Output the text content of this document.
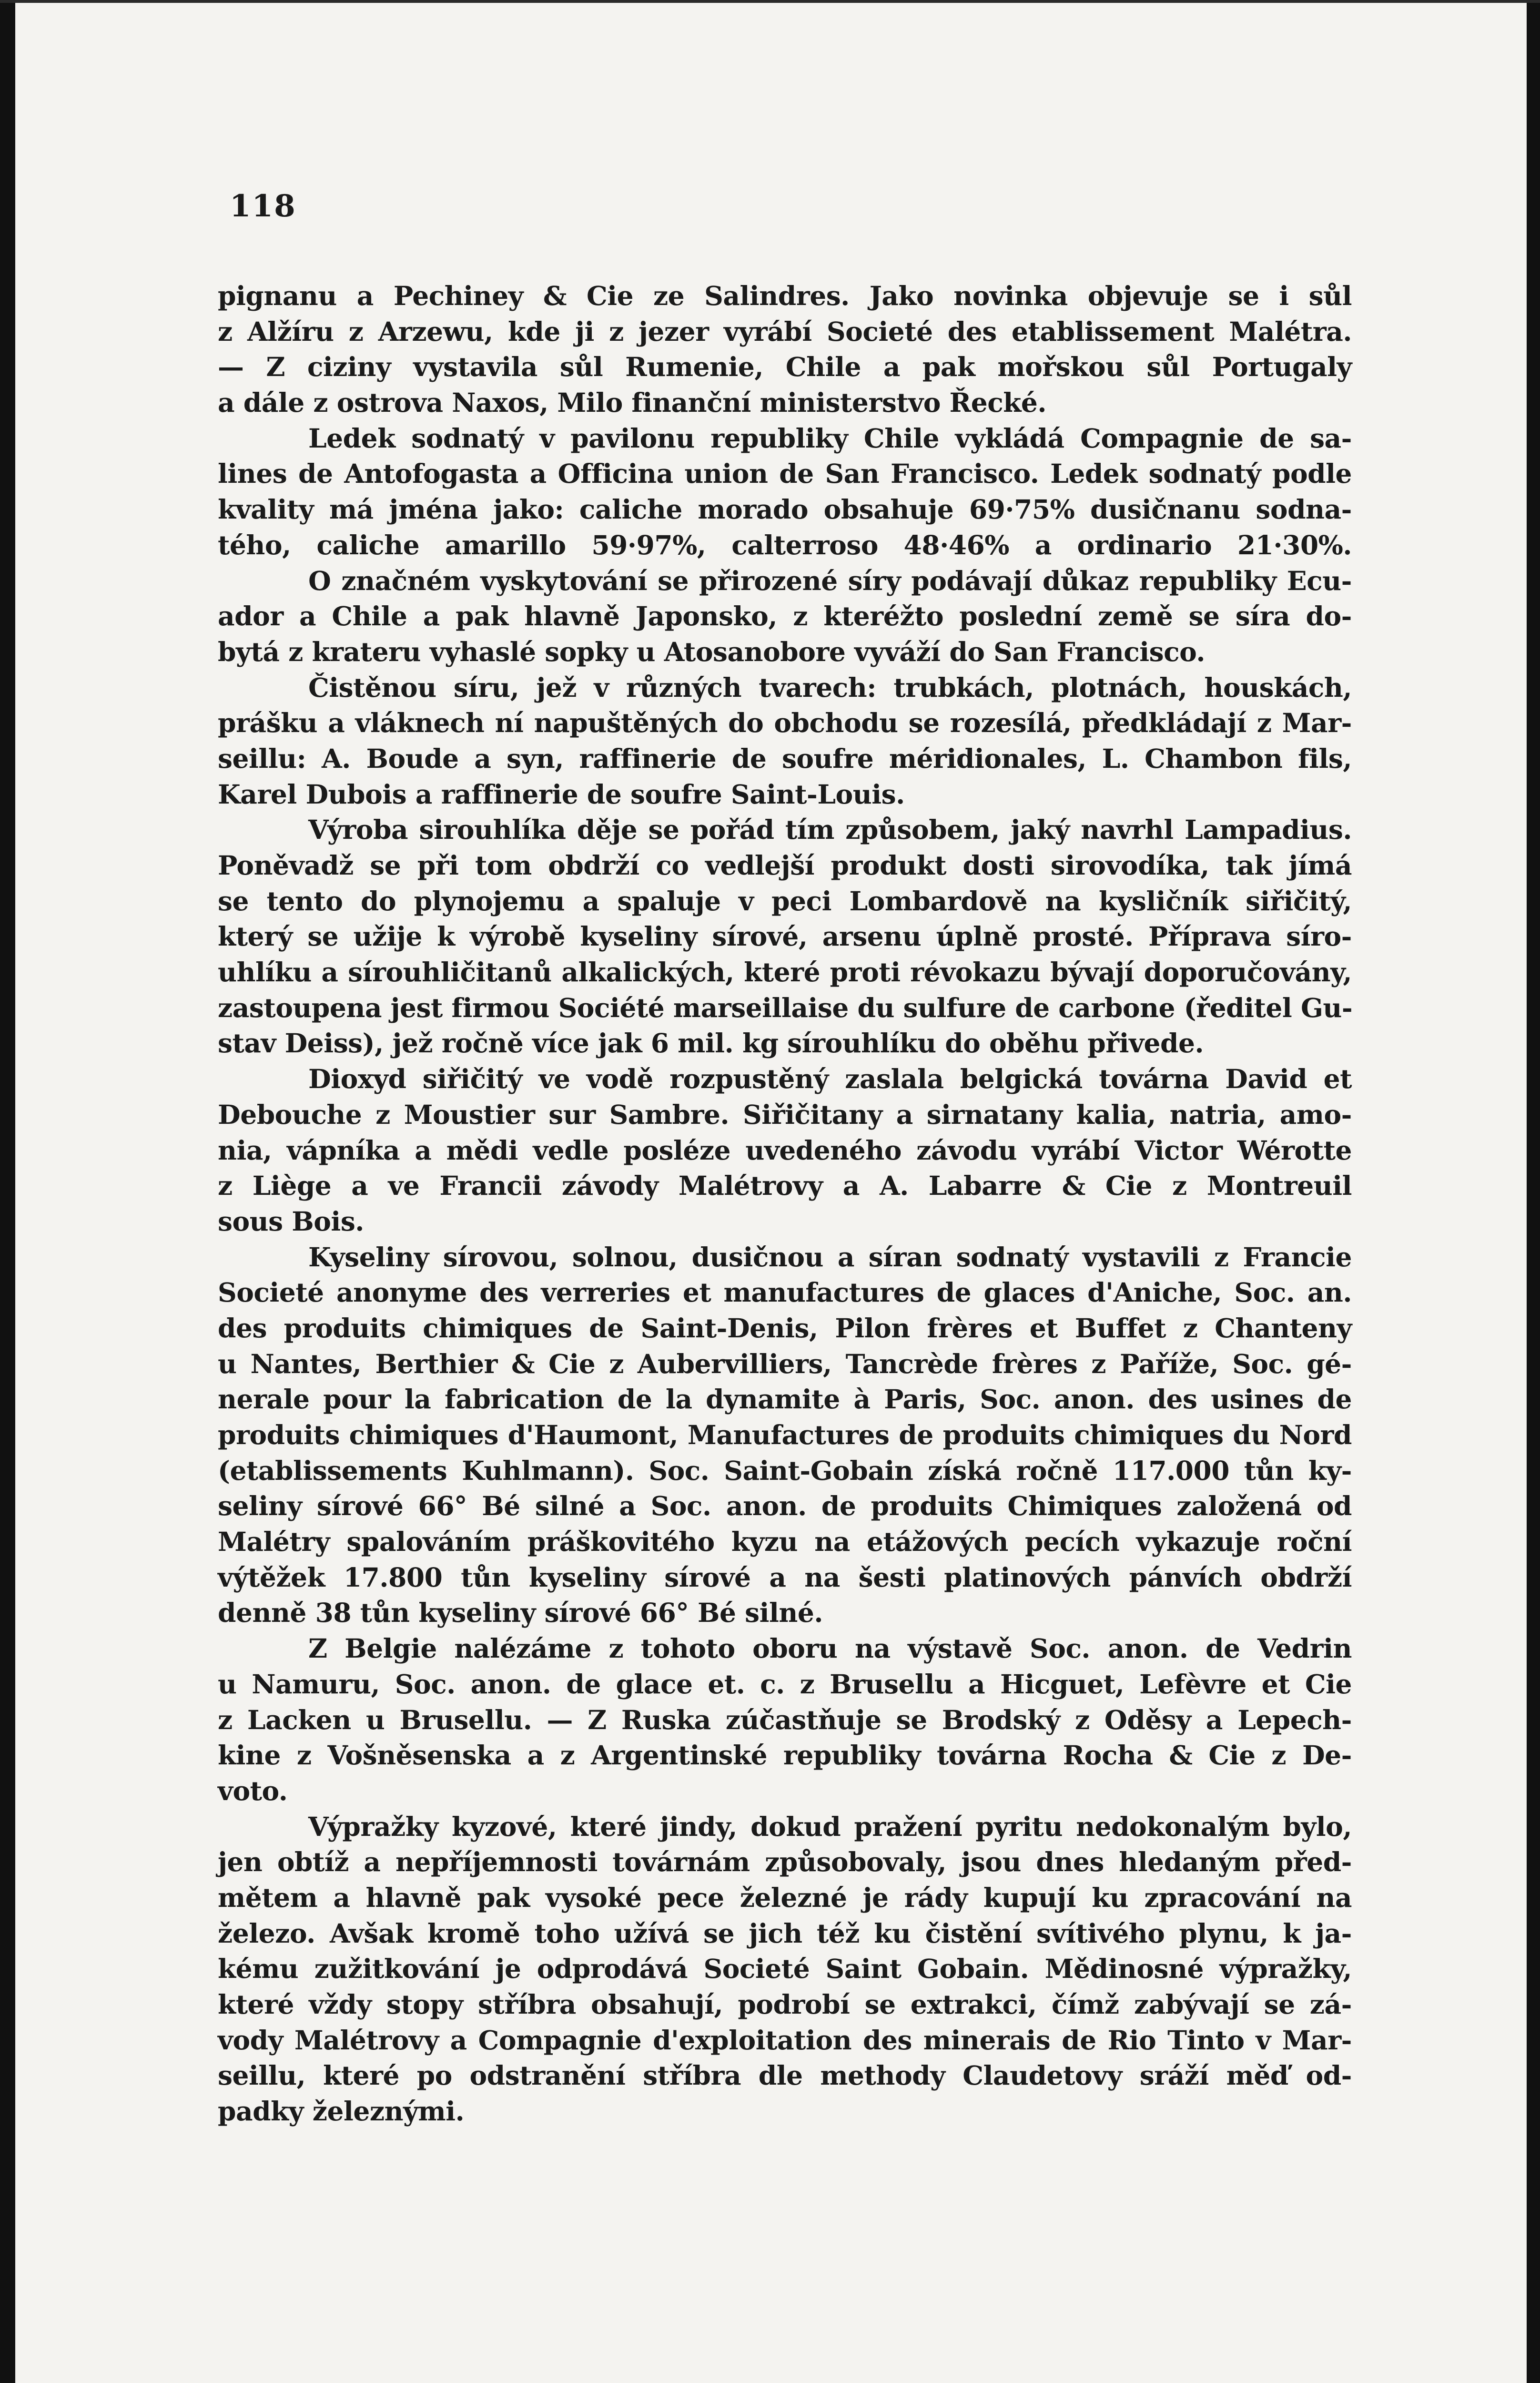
118
pignanu a Pechiney & Cie ze Salindres. Jako novinka objevuje se i sůl
z Alžíru z Arzewu, kde ji z jezer vyrábí Societé des etablissement Malétra.
— Z ciziny vystavila sůl Rumenie, Chile a pak mořskou sůl Portugaly
a dále z ostrova Naxos, Milo finanční ministerstvo Řecké.
Ledek sodnatý v pavilonu republiky Chile vykládá Compagnie de sa-
lines de Antofogasta a Officina union de San Francisco. Ledek sodnatý podle
kvality má jména jako: caliche morado obsahuje 69·75% dusičnanu sodna-
tého, caliche amarillo 59·97%, calterroso 48·46% a ordinario 21·30%.
O značném vyskytování se přirozené síry podávají důkaz republiky Ecu-
ador a Chile a pak hlavně Japonsko, z kteréžto poslední země se síra do-
bytá z krateru vyhaslé sopky u Atosanobore vyváží do San Francisco.
Čistěnou síru, jež v různých tvarech: trubkách, plotnách, houskách,
prášku a vláknech ní napuštěných do obchodu se rozesílá, předkládají z Mar-
seillu: A. Boude a syn, raffinerie de soufre méridionales, L. Chambon fils,
Karel Dubois a raffinerie de soufre Saint-Louis.
Výroba sirouhlíka děje se pořád tím způsobem, jaký navrhl Lampadius.
Poněvadž se při tom obdrží co vedlejší produkt dosti sirovodíka, tak jímá
se tento do plynojemu a spaluje v peci Lombardově na kysličník siřičitý,
který se užije k výrobě kyseliny sírové, arsenu úplně prosté. Příprava síro-
uhlíku a sírouhličitanů alkalických, které proti révokazu bývají doporučovány,
zastoupena jest firmou Société marseillaise du sulfure de carbone (ředitel Gu-
stav Deiss), jež ročně více jak 6 mil. kg sírouhlíku do oběhu přivede.
Dioxyd siřičitý ve vodě rozpustěný zaslala belgická továrna David et
Debouche z Moustier sur Sambre. Siřičitany a sirnatany kalia, natria, amo-
nia, vápníka a mědi vedle posléze uvedeného závodu vyrábí Victor Wérotte
z Liège a ve Francii závody Malétrovy a A. Labarre & Cie z Montreuil
sous Bois.
Kyseliny sírovou, solnou, dusičnou a síran sodnatý vystavili z Francie
Societé anonyme des verreries et manufactures de glaces d'Aniche, Soc. an.
des produits chimiques de Saint-Denis, Pilon frères et Buffet z Chanteny
u Nantes, Berthier & Cie z Aubervilliers, Tancrède frères z Paříže, Soc. gé-
nerale pour la fabrication de la dynamite à Paris, Soc. anon. des usines de
produits chimiques d'Haumont, Manufactures de produits chimiques du Nord
(etablissements Kuhlmann). Soc. Saint-Gobain získá ročně 117.000 tůn ky-
seliny sírové 66° Bé silné a Soc. anon. de produits Chimiques založená od
Malétry spalováním práškovitého kyzu na etážových pecích vykazuje roční
výtěžek 17.800 tůn kyseliny sírové a na šesti platinových pánvích obdrží
denně 38 tůn kyseliny sírové 66° Bé silné.
Z Belgie nalézáme z tohoto oboru na výstavě Soc. anon. de Vedrin
u Namuru, Soc. anon. de glace et. c. z Brusellu a Hicguet, Lefèvre et Cie
z Lacken u Brusellu. — Z Ruska zúčastňuje se Brodský z Oděsy a Lepech-
kine z Vošněsenska a z Argentinské republiky továrna Rocha & Cie z De-
voto.
Výpražky kyzové, které jindy, dokud pražení pyritu nedokonalým bylo,
jen obtíž a nepříjemnosti továrnám způsobovaly, jsou dnes hledaným před-
mětem a hlavně pak vysoké pece železné je rády kupují ku zpracování na
železo. Avšak kromě toho užívá se jich též ku čistění svítivého plynu, k ja-
kému zužitkování je odprodává Societé Saint Gobain. Mědinosné výpražky,
které vždy stopy stříbra obsahují, podrobí se extrakci, čímž zabývají se zá-
vody Malétrovy a Compagnie d'exploitation des minerais de Rio Tinto v Mar-
seillu, které po odstranění stříbra dle methody Claudetovy sráží měď od-
padky železnými.
